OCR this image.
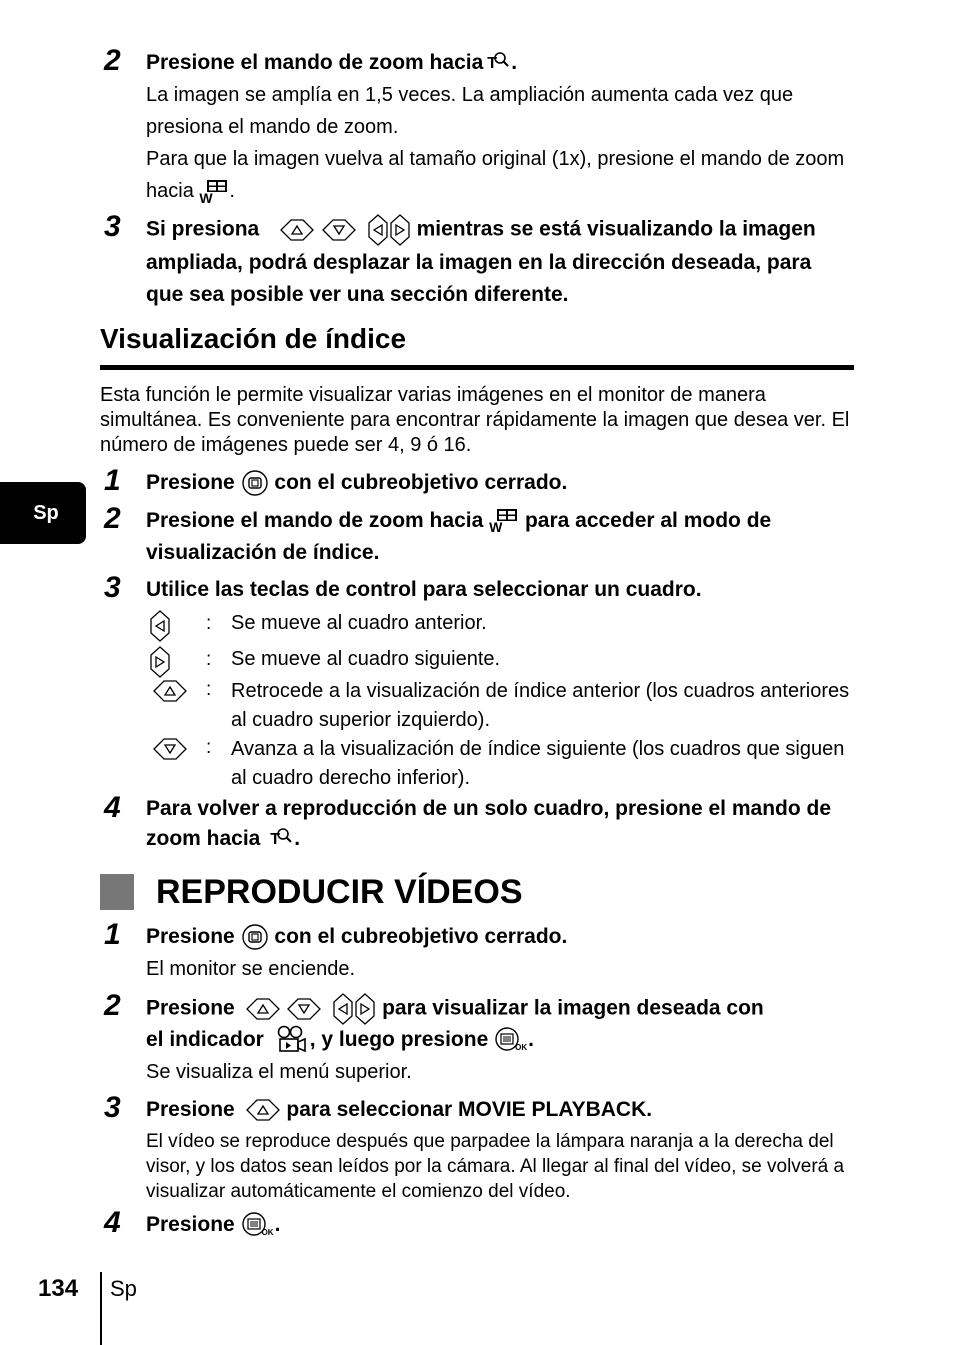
2 Presione el mando de zoom hacia T .
La imagen se amplía en 1,5 veces. La ampliación aumenta cada vez que presiona el mando de zoom.
Para que la imagen vuelva al tamaño original (1x), presione el mando de zoom hacia W .
3 Si presiona

	mientras se está visualizando la imagen ampliada, podrá desplazar la imagen en la dirección deseada, para que sea posible ver una sección diferente.
Visualización de índice
Esta función le permite visualizar varias imágenes en el monitor de manera simultánea. Es conveniente para encontrar rápidamente la imagen que desea ver. El número de imágenes puede ser 4, 9 ó 16.
1 Presione con el cubreobjetivo cerrado.
Sp	2 Presione el mando de zoom hacia W para acceder al modo de visualización de índice.
3 Utilice las teclas de control para seleccionar un cuadro.
: Se mueve al cuadro anterior.
: Se mueve al cuadro siguiente.
: Retrocede a la visualización de índice anterior (los cuadros anteriores al cuadro superior izquierdo).
: Avanza a la visualización de índice siguiente (los cuadros que siguen al cuadro derecho inferior).
4 Para volver a reproducción de un solo cuadro, presione el mando de zoom hacia T .
REPRODUCIR VÍDEOS
1 Presione con el cubreobjetivo cerrado.
El monitor se enciende.
2 Presione

	para visualizar la imagen deseada con
el indicador , y luego presione	OK .
Se visualiza el menú superior.
3 Presione para seleccionar MOVIE PLAYBACK.
El vídeo se reproduce después que parpadee la lámpara naranja a la derecha del visor, y los datos sean leídos por la cámara. Al llegar al final del vídeo, se volverá a visualizar automáticamente el comienzo del vídeo.
4 Presione	OK .
134 Sp
